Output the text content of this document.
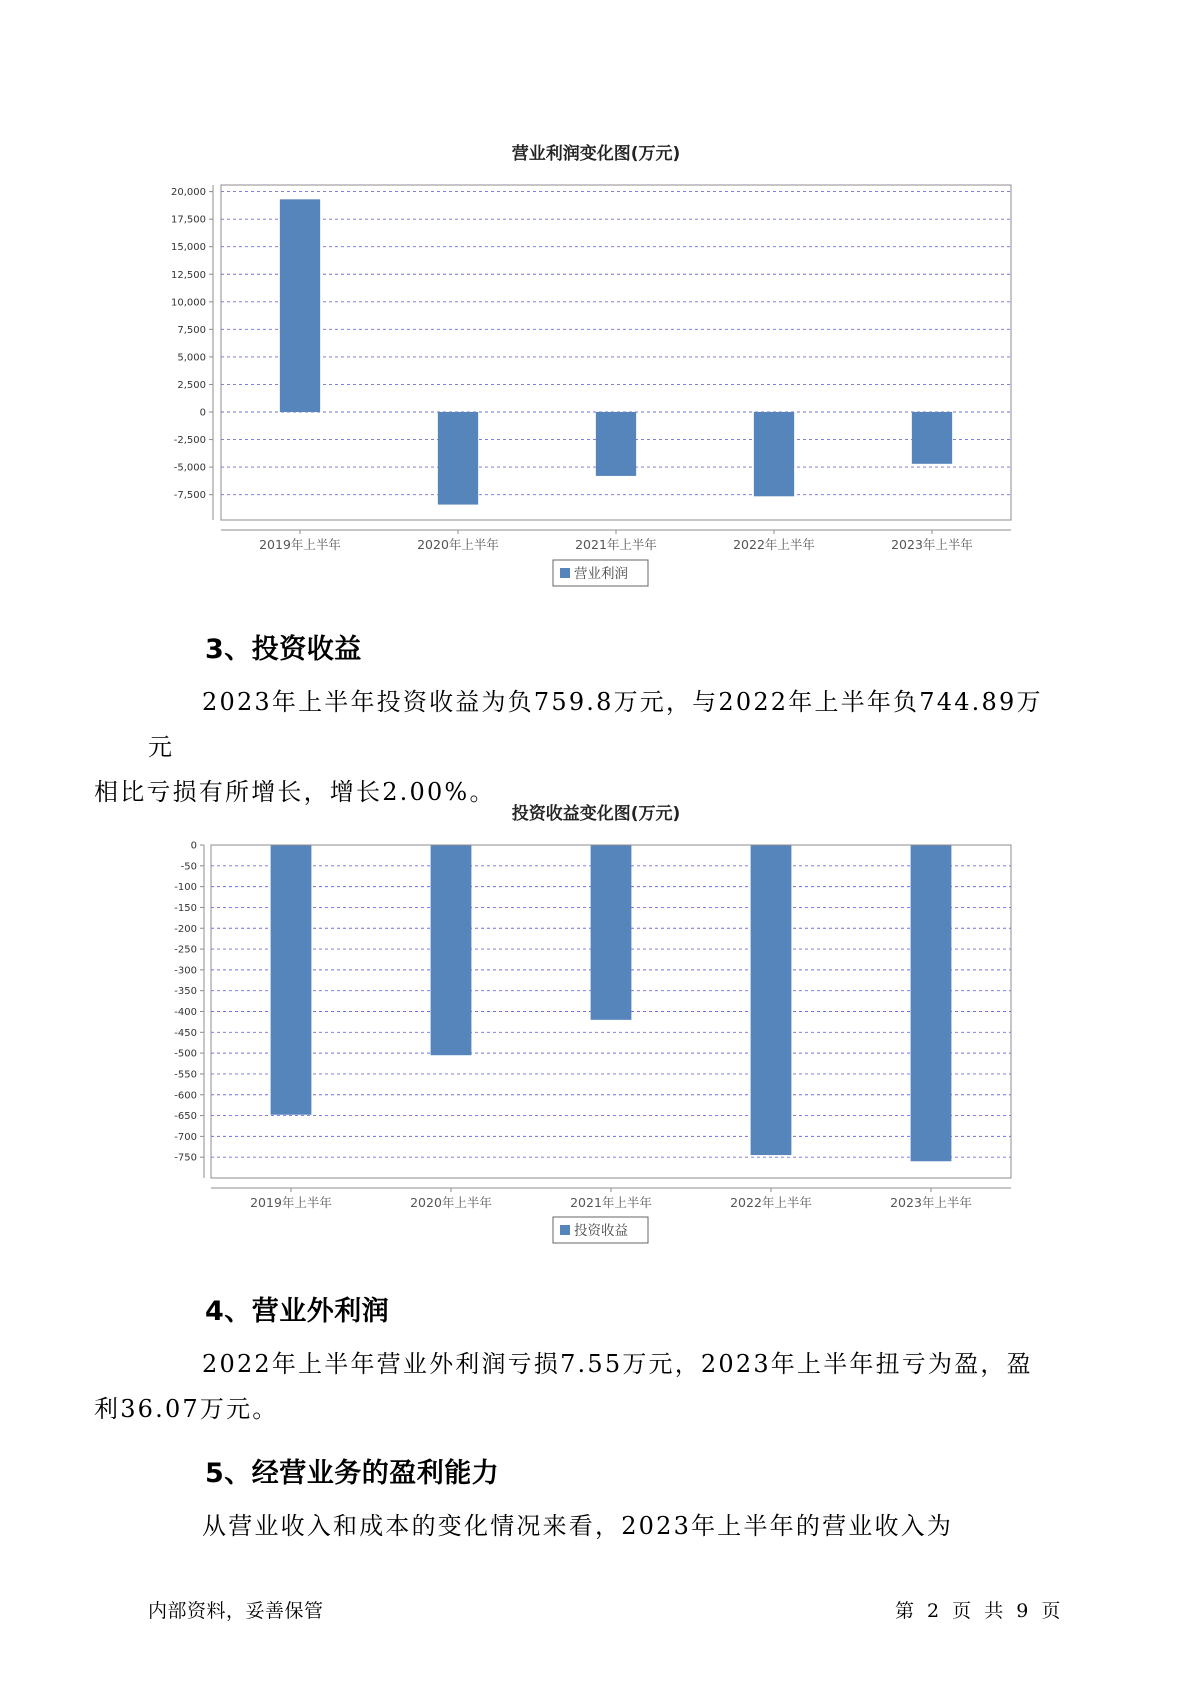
营业利润变化图(万元)
20,000
17,500
15,000
12,500
10,000
7,500
5,000
2,500
0
-2,500
-5,000
-7,500
2019年上半年	2020年上半年	2021年上半年	2022年上半年	2023年上半年
营业利润
3、投资收益

2023年上半年投资收益为负759.8万元，与2022年上半年负744.89万元
相比亏损有所增长，增长2.00%。

投资收益变化图(万元)
0
-50
-100
-150
-200
-250
-300
-350
-400
-450
-500
-550
-600
-650
-700
-750
2019年上半年	2020年上半年	2021年上半年	2022年上半年	2023年上半年
投资收益
4、营业外利润

2022年上半年营业外利润亏损7.55万元，2023年上半年扭亏为盈，盈
利36.07万元。

5、经营业务的盈利能力

从营业收入和成本的变化情况来看，2023年上半年的营业收入为

内部资料，妥善保管	第 2 页 共 9 页
